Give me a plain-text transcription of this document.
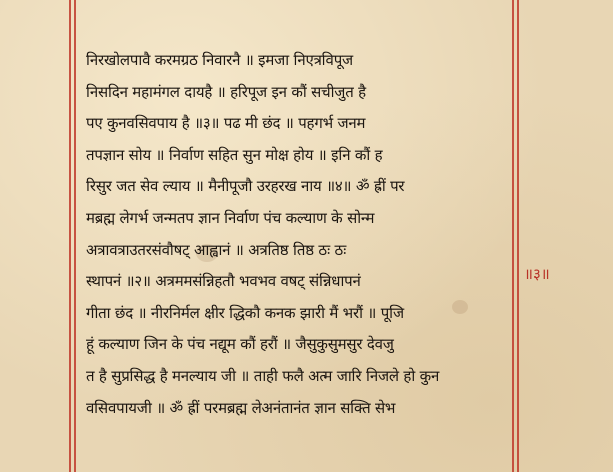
निरखोलपावै करमग्रठ निवारनै ॥ इमजा निएत्रविपूज
निसदिन महामंगल दायहै ॥ हरिपूज इन कौं सचीजुत है
पए कुनवसिवपाय है ॥३॥ पढ मी छंद ॥ पहगर्भ जनम
तपज्ञान सोय ॥ निर्वाण सहित सुन मोक्ष होय ॥ इनि कौं ह
रिसुर जत सेव ल्याय ॥ मैनीपूजौ उरहरख नाय ॥४॥ ॐ ह्रीं पर
मब्रह्म लेगर्भ जन्मतप ज्ञान निर्वाण पंच कल्याण के सोन्म
अत्रावत्राउतरसंवौषट् आह्वानं ॥ अत्रतिष्ठ तिष्ठ ठः ठः
स्थापनं ॥२॥ अत्रममसंन्निहतौ भवभव वषट् संन्निधापनं
गीता छंद ॥ नीरनिर्मल क्षीर द्धिकौ कनक झारी मैं भरौं ॥ पूजि
हूं कल्याण जिन के पंच नद्यूम कौं हरौं ॥ जैसुकुसुमसुर देवजु
त है सुप्रसिद्ध है मनल्याय जी ॥ ताही फलै अत्म जारि निजले हो कुन
वसिवपायजी ॥ ॐ ह्रीं परमब्रह्म लेअनंतानंत ज्ञान सक्ति सेभ
॥३॥
